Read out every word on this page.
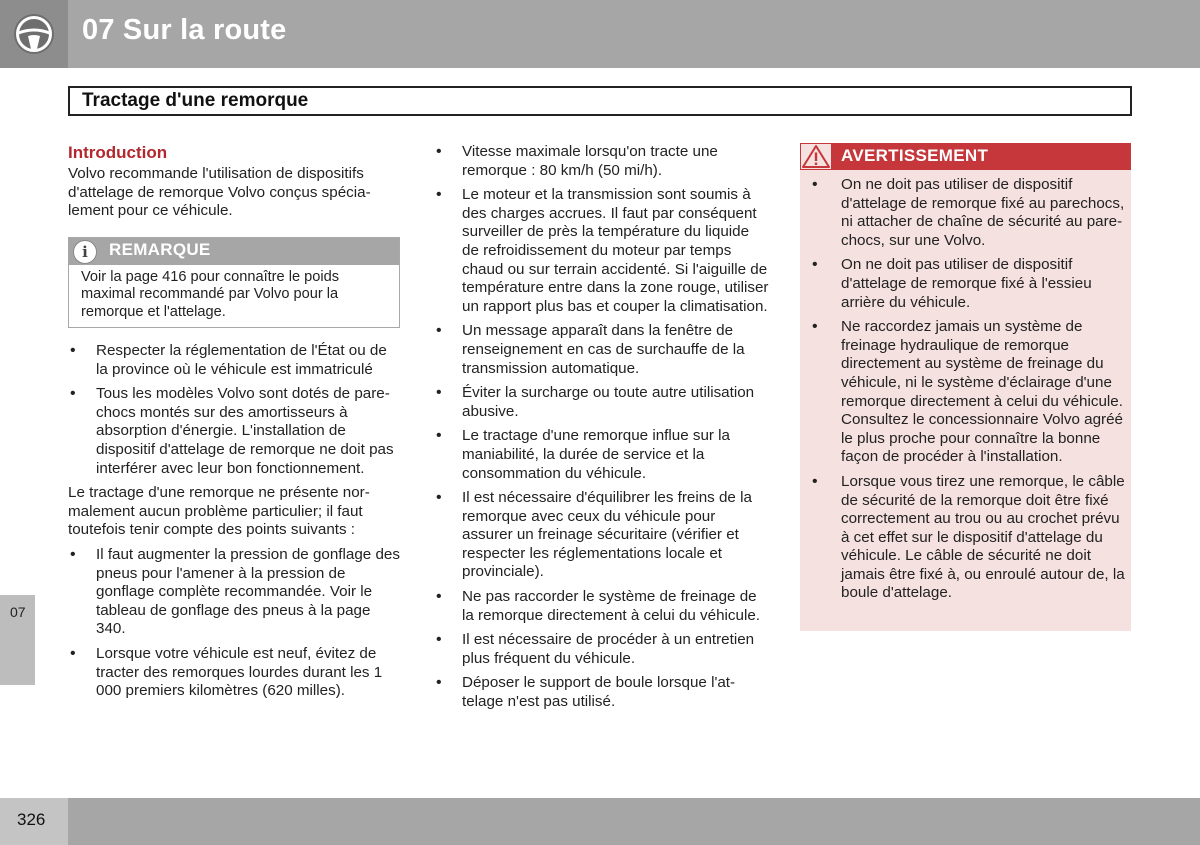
07 Sur la route
Tractage d'une remorque

Introduction

Volvo recommande l'utilisation de dispositifs d'attelage de remorque Volvo conçus spécialement pour ce véhicule.

i	REMARQUE
Voir la page 416 pour connaître le poids maximal recommandé par Volvo pour la remorque et l'attelage.
• Respecter la réglementation de l'État ou de la province où le véhicule est immatriculé
• Tous les modèles Volvo sont dotés de pare-chocs montés sur des amortisseurs à absorption d'énergie. L'installation de dispositif d'attelage de remorque ne doit pas interférer avec leur bon fonctionnement.

Le tractage d'une remorque ne présente normalement aucun problème particulier; il faut toutefois tenir compte des points suivants :

• Il faut augmenter la pression de gonflage des pneus pour l'amener à la pression de gonflage complète recommandée. Voir le tableau de gonflage des pneus à la page 340.
• Lorsque votre véhicule est neuf, évitez de tracter des remorques lourdes durant les 1 000 premiers kilomètres (620 milles).
• Vitesse maximale lorsqu'on tracte une remorque : 80 km/h (50 mi/h).
• Le moteur et la transmission sont soumis à des charges accrues. Il faut par conséquent surveiller de près la température du liquide de refroidissement du moteur par temps chaud ou sur terrain accidenté. Si l'aiguille de température entre dans la zone rouge, utiliser un rapport plus bas et couper la climatisation.
• Un message apparaît dans la fenêtre de renseignement en cas de surchauffe de la transmission automatique.
• Éviter la surcharge ou toute autre utilisation abusive.
• Le tractage d'une remorque influe sur la maniabilité, la durée de service et la consommation du véhicule.
• Il est nécessaire d'équilibrer les freins de la remorque avec ceux du véhicule pour assurer un freinage sécuritaire (vérifier et respecter les réglementations locale et provinciale).
• Ne pas raccorder le système de freinage de la remorque directement à celui du véhicule.
• Il est nécessaire de procéder à un entretien plus fréquent du véhicule.
• Déposer le support de boule lorsque l'attelage n'est pas utilisé.
AVERTISSEMENT
• On ne doit pas utiliser de dispositif d'attelage de remorque fixé au parechocs, ni attacher de chaîne de sécurité au pare-chocs, sur une Volvo.
• On ne doit pas utiliser de dispositif d'attelage de remorque fixé à l'essieu arrière du véhicule.
• Ne raccordez jamais un système de freinage hydraulique de remorque directement au système de freinage du véhicule, ni le système d'éclairage d'une remorque directement à celui du véhicule. Consultez le concessionnaire Volvo agréé le plus proche pour connaître la bonne façon de procéder à l'installation.
• Lorsque vous tirez une remorque, le câble de sécurité de la remorque doit être fixé correctement au trou ou au crochet prévu à cet effet sur le dispositif d'attelage du véhicule. Le câble de sécurité ne doit jamais être fixé à, ou enroulé autour de, la boule d'attelage.
07
326
